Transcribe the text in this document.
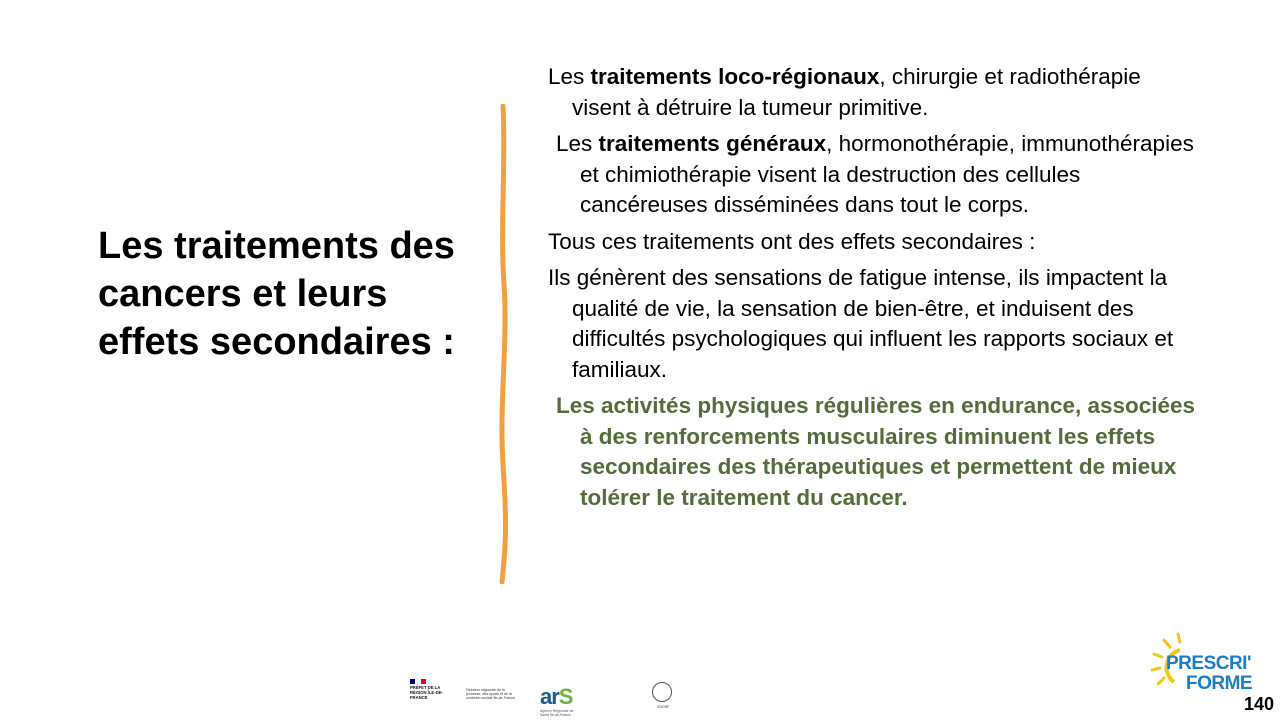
Les traitements des cancers et leurs effets secondaires :

Les traitements loco-régionaux, chirurgie et radiothérapie visent à détruire la tumeur primitive.

Les traitements généraux, hormonothérapie, immunothérapies et chimiothérapie visent la destruction des cellules cancéreuses disséminées dans tout le corps.

Tous ces traitements ont des effets secondaires :

Ils génèrent des sensations de fatigue intense, ils impactent la qualité de vie, la sensation de bien-être, et induisent des difficultés psychologiques qui influent les rapports sociaux et familiaux.

Les activités physiques régulières en endurance, associées à des renforcements musculaires diminuent les effets secondaires des thérapeutiques et permettent de mieux tolérer le traitement du cancer.

PRÉFET DE LA RÉGION ÎLE-DE-FRANCE
Direction régionale de la jeunesse, des sports et de la cohésion sociale Île-de-France arS
Agence Régionale de Santé Île-de-France
CNOSF
PRESCRI'
FORME
140
